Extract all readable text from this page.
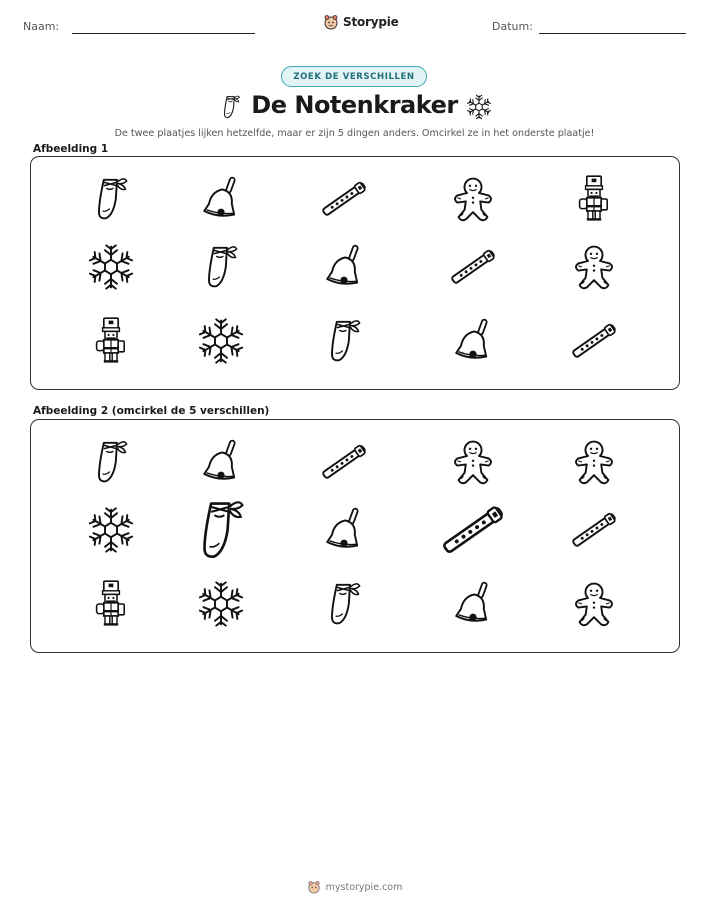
Naam:	Storypie	Datum:
ZOEK DE VERSCHILLEN
De Notenkraker
De twee plaatjes lijken hetzelfde, maar er zijn 5 dingen anders. Omcirkel ze in het onderste plaatje!
Afbeelding 1
Afbeelding 2 (omcirkel de 5 verschillen)
mystorypie.com
